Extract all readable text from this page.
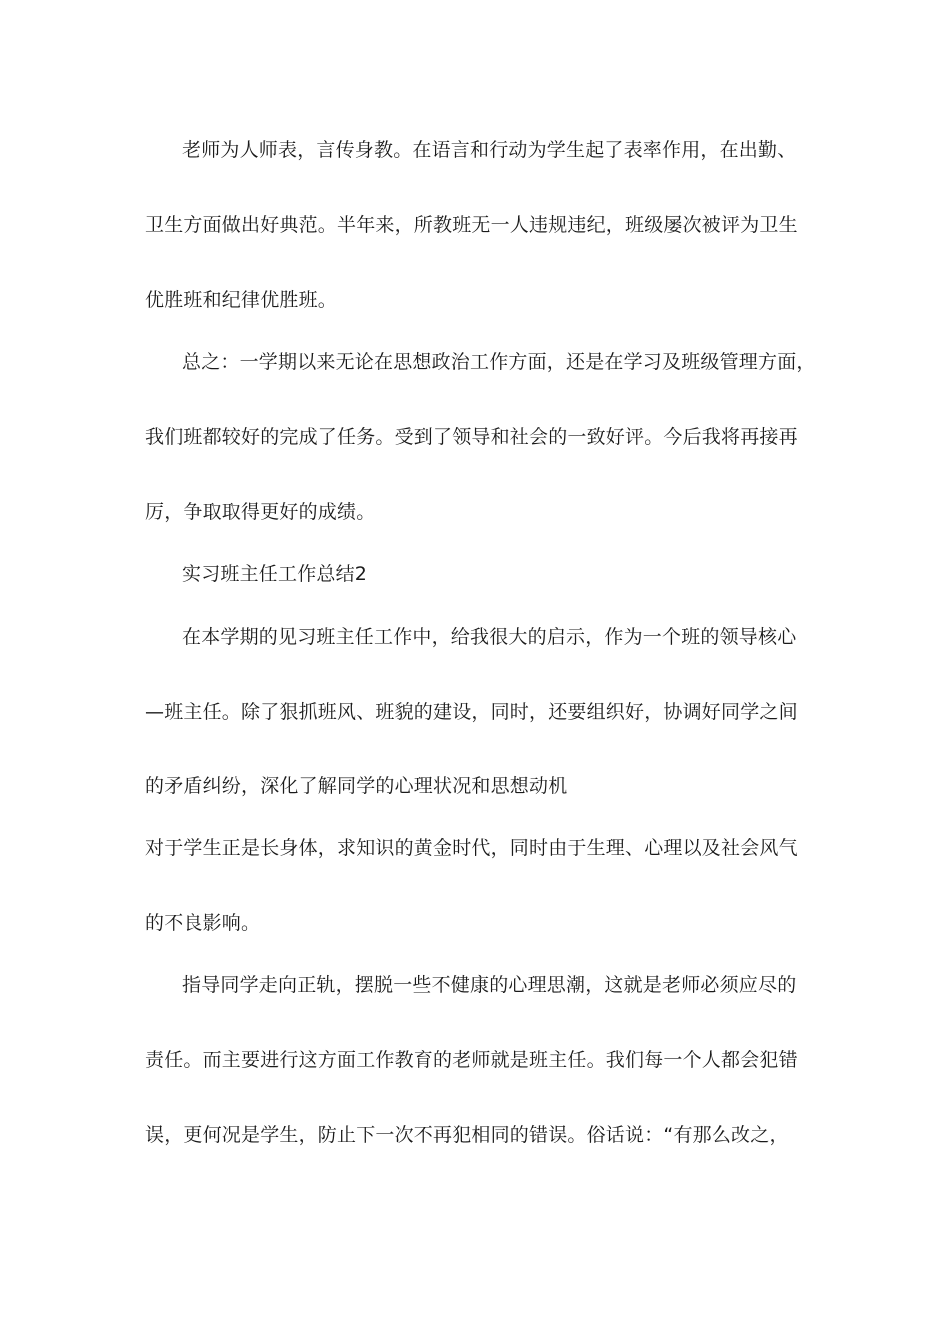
老师为人师表，言传身教。在语言和行动为学生起了表率作用，在出勤、
卫生方面做出好典范。半年来，所教班无一人违规违纪，班级屡次被评为卫生
优胜班和纪律优胜班。
总之：一学期以来无论在思想政治工作方面，还是在学习及班级管理方面，
我们班都较好的完成了任务。受到了领导和社会的一致好评。今后我将再接再
厉，争取取得更好的成绩。
实习班主任工作总结2
在本学期的见习班主任工作中，给我很大的启示，作为一个班的领导核心
—班主任。除了狠抓班风、班貌的建设，同时，还要组织好，协调好同学之间
的矛盾纠纷，深化了解同学的心理状况和思想动机
对于学生正是长身体，求知识的黄金时代，同时由于生理、心理以及社会风气
的不良影响。
指导同学走向正轨，摆脱一些不健康的心理思潮，这就是老师必须应尽的
责任。而主要进行这方面工作教育的老师就是班主任。我们每一个人都会犯错
误，更何况是学生，防止下一次不再犯相同的错误。俗话说：“有那么改之，
